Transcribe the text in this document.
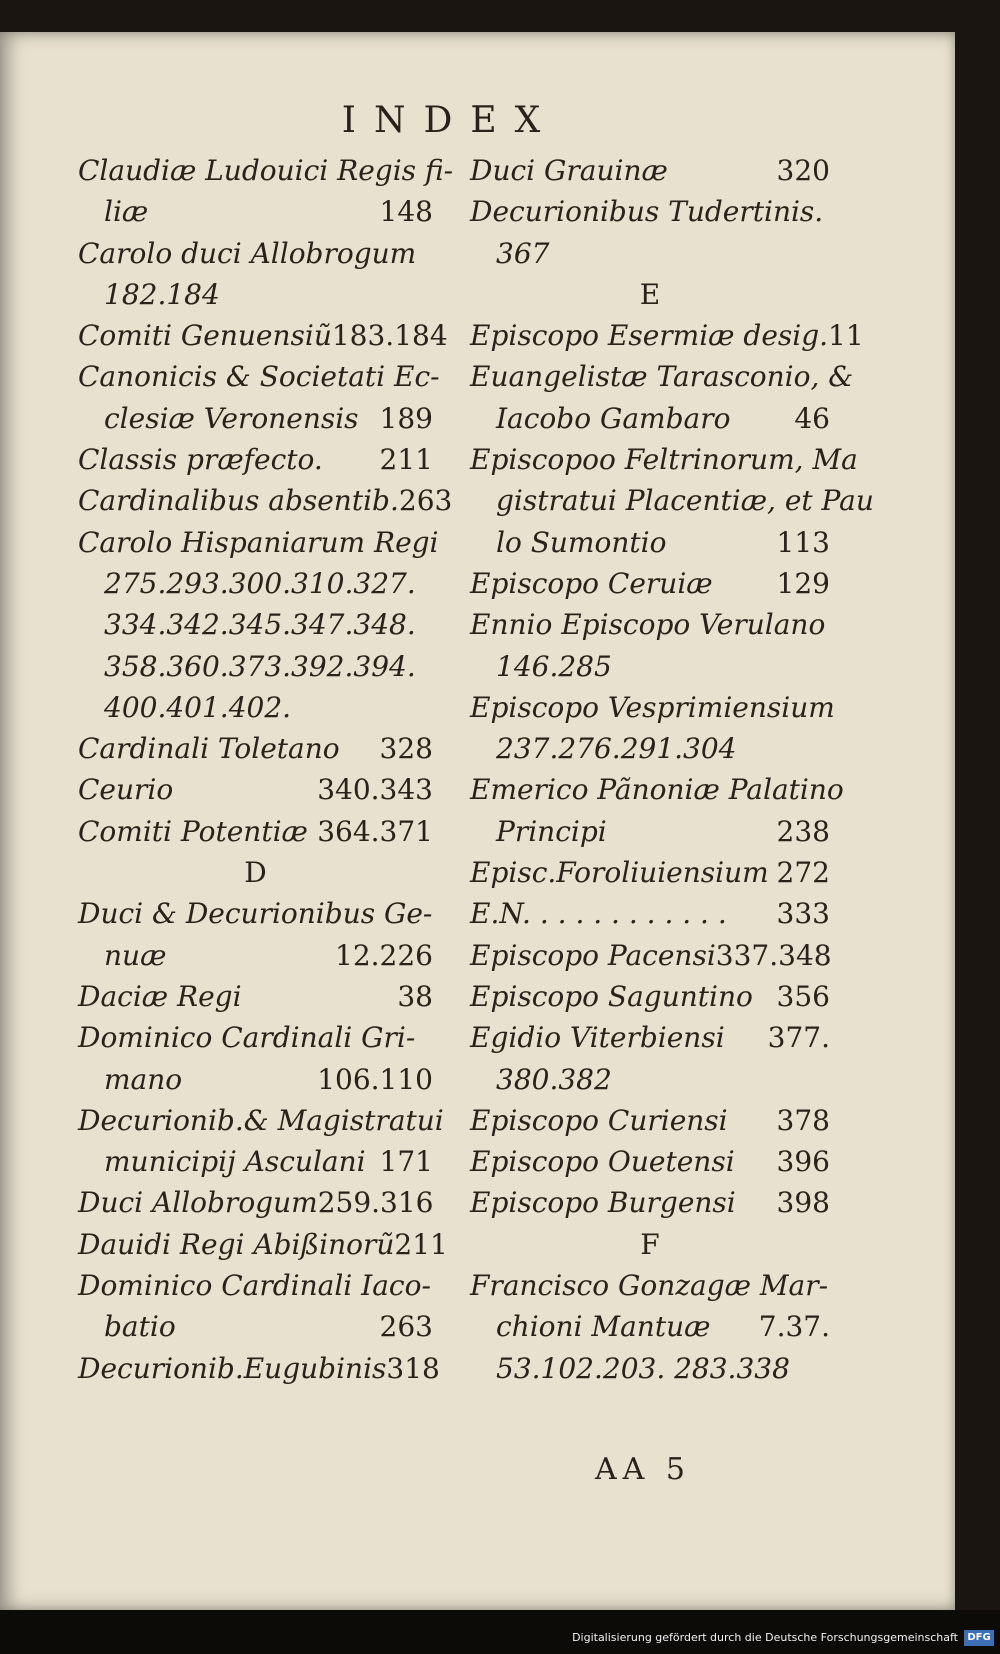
INDEX
Claudiæ Ludouici Regis fi-
liæ	148
Carolo duci Allobrogum
182.184
Comiti Genuensiũ 183.184
Canonicis & Societati Ec-
clesiæ Veronensis 189
Classis præfecto. 211
Cardinalibus absentib. 263
Carolo Hispaniarum Regi
275.293.300.310.327.
334.342.345.347.348.
358.360.373.392.394.
400.401.402.
Cardinali Toletano 328
Ceurio	340.343
Comiti Potentiæ 364.371
D
Duci & Decurionibus Ge-
nuæ	12.226
Daciæ Regi	38
Dominico Cardinali Gri-
mano	106.110
Decurionib.& Magistratui
municipij Asculani 171
Duci Allobrogum 259.316
Dauidi Regi Abißinorũ 211
Dominico Cardinali Iaco-
batio	263
Decurionib.Eugubinis 318
Duci Grauinæ	320
Decurionibus Tudertinis.
367
E
Episcopo Esermiæ desig. 11
Euangelistæ Tarasconio, &
Iacobo Gambaro 46
Episcopoo Feltrinorum, Ma
gistratui Placentiæ, et Pau
lo Sumontio	113
Episcopo Ceruiæ 129
Ennio Episcopo Verulano
146.285
Episcopo Vesprimiensium
237.276.291.304
Emerico Pãnoniæ Palatino
Principi	238
Episc.Foroliuiensium 272
E.N. . . . . . . . . . . . 333
Episcopo Pacensi 337.348
Episcopo Saguntino 356
Egidio Viterbiensi 377.
380.382
Episcopo Curiensi 378
Episcopo Ouetensi 396
Episcopo Burgensi 398
F
Francisco Gonzagæ Mar-
chioni Mantuæ 7.37.
53.102.203. 283.338
AA 5
Digitalisierung gefördert durch die Deutsche Forschungsgemeinschaft DFG
